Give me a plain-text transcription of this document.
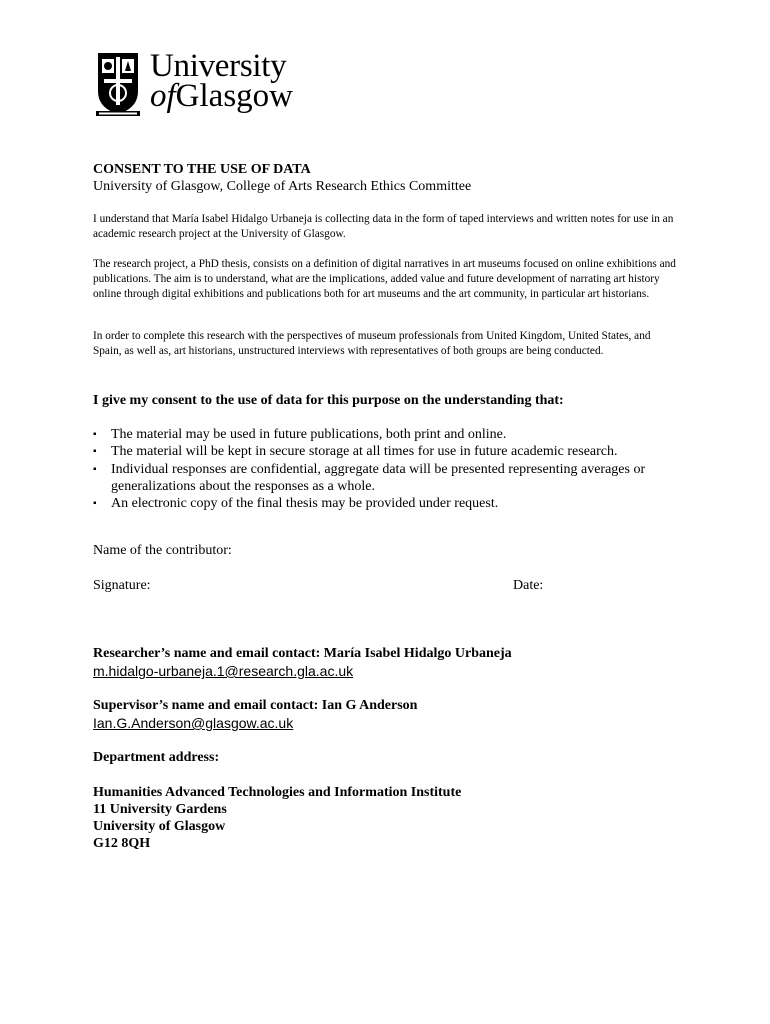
University
ofGlasgow
CONSENT TO THE USE OF DATA
University of Glasgow, College of Arts Research Ethics Committee
I understand that María Isabel Hidalgo Urbaneja is collecting data in the form of taped interviews and written notes for use in an academic research project at the University of Glasgow.
The research project, a PhD thesis, consists on a definition of digital narratives in art museums focused on online exhibitions and publications. The aim is to understand, what are the implications, added value and future development of narrating art history online through digital exhibitions and publications both for art museums and the art community, in particular art historians.
In order to complete this research with the perspectives of museum professionals from United Kingdom, United States, and Spain, as well as, art historians, unstructured interviews with representatives of both groups are being conducted.
I give my consent to the use of data for this purpose on the understanding that:
▪ The material may be used in future publications, both print and online.
▪ The material will be kept in secure storage at all times for use in future academic research.
▪ Individual responses are confidential, aggregate data will be presented representing averages or generalizations about the responses as a whole.
▪ An electronic copy of the final thesis may be provided under request.
Name of the contributor:
Signature:	Date:
Researcher’s name and email contact: María Isabel Hidalgo Urbaneja
m.hidalgo-urbaneja.1@research.gla.ac.uk
Supervisor’s name and email contact: Ian G Anderson
Ian.G.Anderson@glasgow.ac.uk
Department address:
Humanities Advanced Technologies and Information Institute
11 University Gardens
University of Glasgow
G12 8QH
